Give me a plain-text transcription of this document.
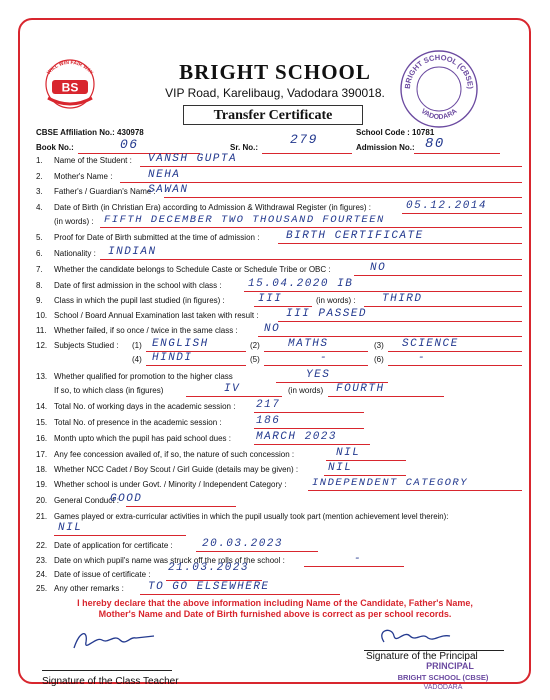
WILL WIN FAIR WAY
BS
BRIGHT SCHOOL
VIP Road, Karelibaug, Vadodara 390018.
Transfer Certificate
BRIGHT SCHOOL (CBSE)
VADODARA
CBSE Affiliation No.: 430978	School Code : 10781
Book No.:	06	Sr. No.:
279
Admission No.: 80
1.	Name of the Student : VANSH GUPTA
2.	Mother's Name :	NEHA
3.	Father's / Guardian's Name :
SAWAN
4.	Date of Birth (in Christian Era) according to Admission & Withdrawal Register (in figures) :	05.12.2014
(in words) : FIFTH DECEMBER TWO THOUSAND FOURTEEN
5.	Proof for Date of Birth submitted at the time of admission : BIRTH CERTIFICATE
6.	Nationality : INDIAN
7.	Whether the candidate belongs to Schedule Caste or Schedule Tribe or OBC :	NO
8.	Date of first admission in the school with class : 15.04.2020 IB
9.	Class in which the pupil last studied (in figures) :	III	(in words) : THIRD
10. School / Board Annual Examination last taken with result : III PASSED
11. Whether failed, if so once / twice in the same class : NO
12. Subjects Studied : (1) ENGLISH	(2)	MATHS	(3) SCIENCE
(4) HINDI	(5)	-	(6)	-
13. Whether qualified for promotion to the higher class	YES
If so, to which class (in figures)	IV	(in words) FOURTH
14. Total No. of working days in the academic session : 217
15. Total No. of presence in the academic session :	186
16. Month upto which the pupil has paid school dues : MARCH 2023
17. Any fee concession availed of, if so, the nature of such concession :	NIL
18. Whether NCC Cadet / Boy Scout / Girl Guide (details may be given) :	NIL
19. Whether school is under Govt. / Minority / Independent Category : INDEPENDENT CATEGORY
20. General Conduct :
GOOD
21. Games played or extra-curricular activities in which the pupil usually took part (mention achievement level therein):
NIL
22. Date of application for certificate :	20.03.2023
23. Date on which pupil's name was struck off the rolls of the school :	-
24. Date of issue of certificate :
21.03.2023
25. Any other remarks : TO GO ELSEWHERE
I hereby declare that the above information including Name of the Candidate, Father's Name,
Mother's Name and Date of Birth furnished above is correct as per school records.
Signature of the Class Teacher
Signature of the Principal
PRINCIPAL
BRIGHT SCHOOL (CBSE)
VADODARA
